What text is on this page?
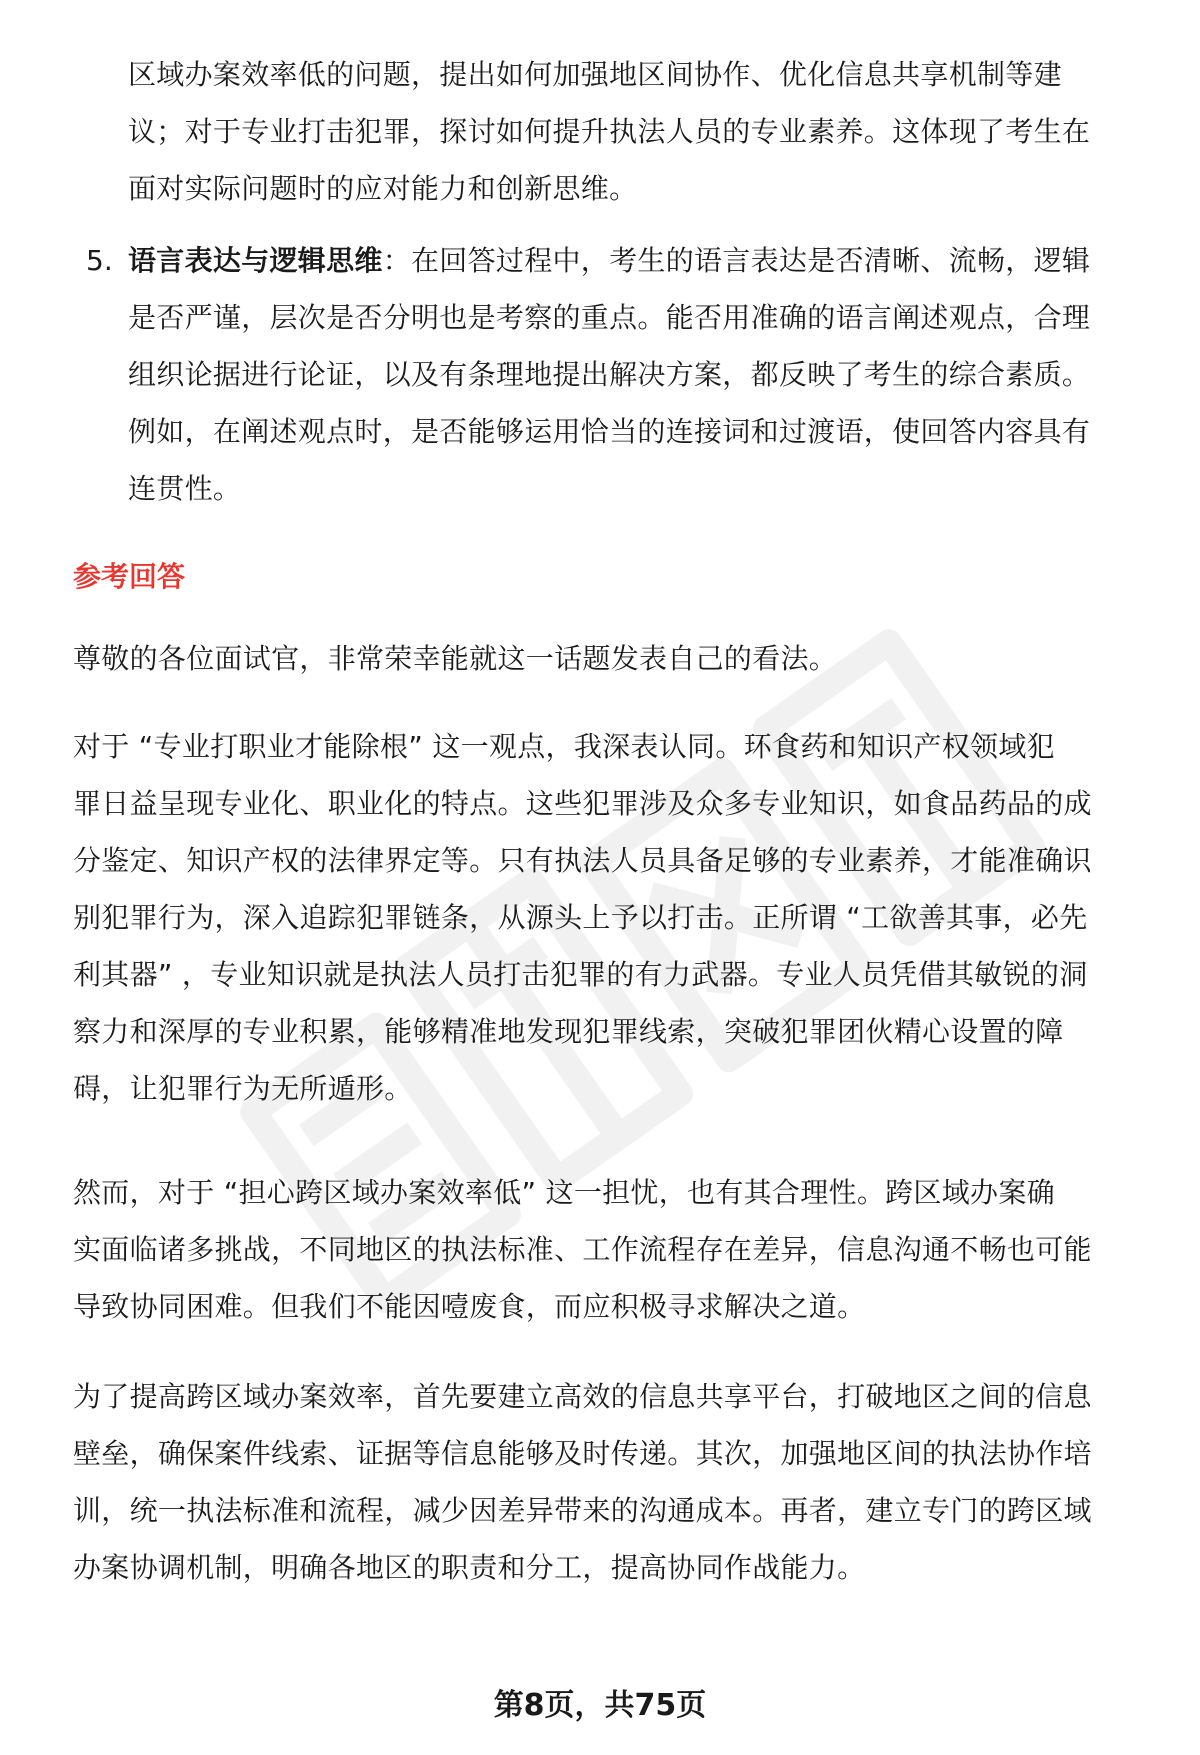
区域办案效率低的问题，提出如何加强地区间协作、优化信息共享机制等建
议；对于专业打击犯罪，探讨如何提升执法人员的专业素养。这体现了考生在
面对实际问题时的应对能力和创新思维。
5. 语言表达与逻辑思维：在回答过程中，考生的语言表达是否清晰、流畅，逻辑
是否严谨，层次是否分明也是考察的重点。能否用准确的语言阐述观点，合理
组织论据进行论证，以及有条理地提出解决方案，都反映了考生的综合素质。
例如，在阐述观点时，是否能够运用恰当的连接词和过渡语，使回答内容具有
连贯性。
参考回答
尊敬的各位面试官，非常荣幸能就这一话题发表自己的看法。
对于 “专业打职业才能除根” 这一观点，我深表认同。环食药和知识产权领域犯
罪日益呈现专业化、职业化的特点。这些犯罪涉及众多专业知识，如食品药品的成
分鉴定、知识产权的法律界定等。只有执法人员具备足够的专业素养，才能准确识
别犯罪行为，深入追踪犯罪链条，从源头上予以打击。正所谓 “工欲善其事，必先
利其器” ，专业知识就是执法人员打击犯罪的有力武器。专业人员凭借其敏锐的洞
察力和深厚的专业积累，能够精准地发现犯罪线索，突破犯罪团伙精心设置的障
碍，让犯罪行为无所遁形。
然而，对于 “担心跨区域办案效率低” 这一担忧，也有其合理性。跨区域办案确
实面临诸多挑战，不同地区的执法标准、工作流程存在差异，信息沟通不畅也可能
导致协同困难。但我们不能因噎废食，而应积极寻求解决之道。
为了提高跨区域办案效率，首先要建立高效的信息共享平台，打破地区之间的信息
壁垒，确保案件线索、证据等信息能够及时传递。其次，加强地区间的执法协作培
训，统一执法标准和流程，减少因差异带来的沟通成本。再者，建立专门的跨区域
办案协调机制，明确各地区的职责和分工，提高协同作战能力。
第8页，共75页
